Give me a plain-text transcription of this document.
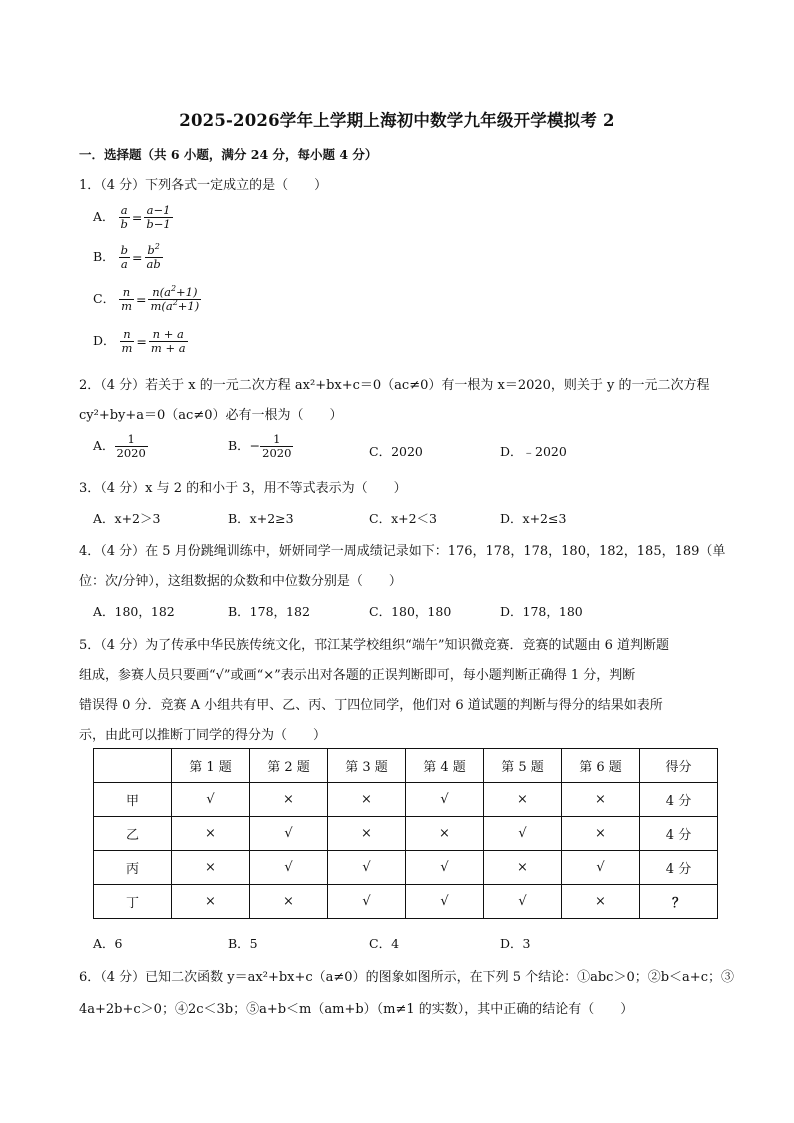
2025-2026学年上学期上海初中数学九年级开学模拟考 2
一．选择题（共 6 小题，满分 24 分，每小题 4 分）
1．（4 分）下列各式一定成立的是（　　）
A． $\frac{a}{b} = \frac{a-1}{b-1}$
B． $\frac{b}{a} = \frac{b^2}{ab}$
C． $\frac{n}{m} = \frac{n(a^2+1)}{m(a^2+1)}$
D． $\frac{n}{m} = \frac{n + a}{m + a}$
2．（4 分）若关于 x 的一元二次方程 ax²+bx+c＝0（ac≠0）有一根为 x＝2020，则关于 y 的一元二次方程
cy²+by+a＝0（ac≠0）必有一根为（　　）
A． $\frac{1}{2020}$	B．− $\frac{1}{2020}$	C．2020	D．﹣2020
3．（4 分）x 与 2 的和小于 3，用不等式表示为（　　）
A．x+2＞3	B．x+2≥3	C．x+2＜3	D．x+2≤3
4．（4 分）在 5 月份跳绳训练中，妍妍同学一周成绩记录如下：176，178，178，180，182，185，189（单
位：次/分钟），这组数据的众数和中位数分别是（　　）
A．180，182	B．178，182	C．180，180	D．178，180
5．（4 分）为了传承中华民族传统文化，邗江某学校组织“端午”知识微竞赛．竞赛的试题由 6 道判断题
组成，参赛人员只要画“√”或画“×”表示出对各题的正误判断即可，每小题判断正确得 1 分，判断
错误得 0 分．竞赛 A 小组共有甲、乙、丙、丁四位同学，他们对 6 道试题的判断与得分的结果如表所
示，由此可以推断丁同学的得分为（　　）
	第 1 题	第 2 题	第 3 题	第 4 题	第 5 题	第 6 题	得分
甲	√	×	×	√	×	×	4 分
乙	×	√	×	×	√	×	4 分
丙	×	√	√	√	×	√	4 分
丁	×	×	√	√	√	×	？
A．6	B．5	C．4	D．3
6．（4 分）已知二次函数 y＝ax²+bx+c（a≠0）的图象如图所示，在下列 5 个结论：①abc＞0；②b＜a+c；③
4a+2b+c＞0；④2c＜3b；⑤a+b＜m（am+b）（m≠1 的实数），其中正确的结论有（　　）
